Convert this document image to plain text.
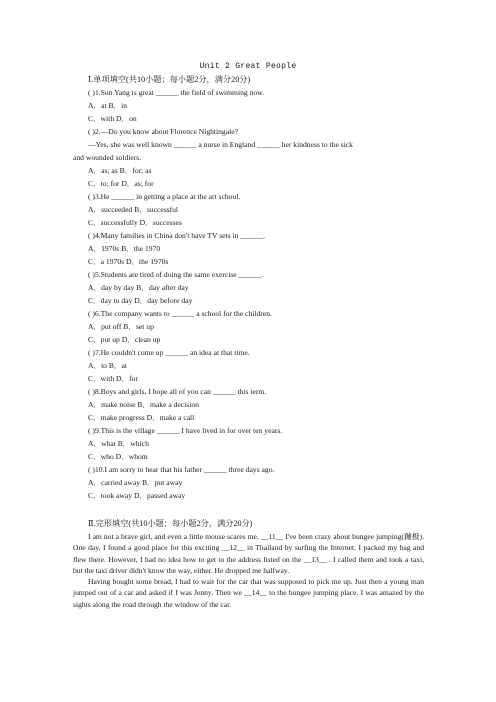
Unit 2 Great People
Ⅰ.单项填空(共10小题；每小题2分，满分20分)
( )1.Sun Yang is great ______ the field of swimming now.
A．at B．in
C．with D．on
( )2.—Do you know about Florence Nightingale?
—Yes, she was well known ______ a nurse in England ______ her kindness to the sick
and wounded soldiers.
A．as; as B．for; as
C．to; for D．as; for
( )3.He ______ in getting a place at the art school.
A．succeeded B．successful
C．successfully D．successes
( )4.Many families in China don't have TV sets in ______.
A．1970s B．the 1970
C．a 1970s D．the 1970s
( )5.Students are tired of doing the same exercise ______.
A．day by day B．day after day
C．day to day D．day before day
( )6.The company wants to ______ a school for the children.
A．put off B．set up
C．put up D．clean up
( )7.He couldn't come up ______ an idea at that time.
A．to B．at
C．with D．for
( )8.Boys and girls, I hope all of you can ______ this term.
A．make noise B．make a decision
C．make progress D．make a call
( )9.This is the village ______ I have lived in for over ten years.
A．what B．which
C．who D．whom
( )10.I am sorry to hear that his father ______ three days ago.
A．carried away B．put away
C．took away D．passed away
Ⅱ.完形填空(共10小题；每小题2分，满分20分)

I am not a brave girl, and even a little mouse scares me. __11__ I've been crazy about bungee jumping(蹦极). One day, I found a good place for this exciting __12__ in Thailand by surfing the Internet. I packed my bag and flew there. However, I had no idea how to get to the address listed on the __13__ . I called them and took a taxi, but the taxi driver didn't know the way, either. He dropped me halfway.

Having bought some bread, I had to wait for the car that was supposed to pick me up. Just then a young man jumped out of a car and asked if I was Jenny. Then we __14__ to the bungee jumping place. I was amazed by the sights along the road through the window of the car.
